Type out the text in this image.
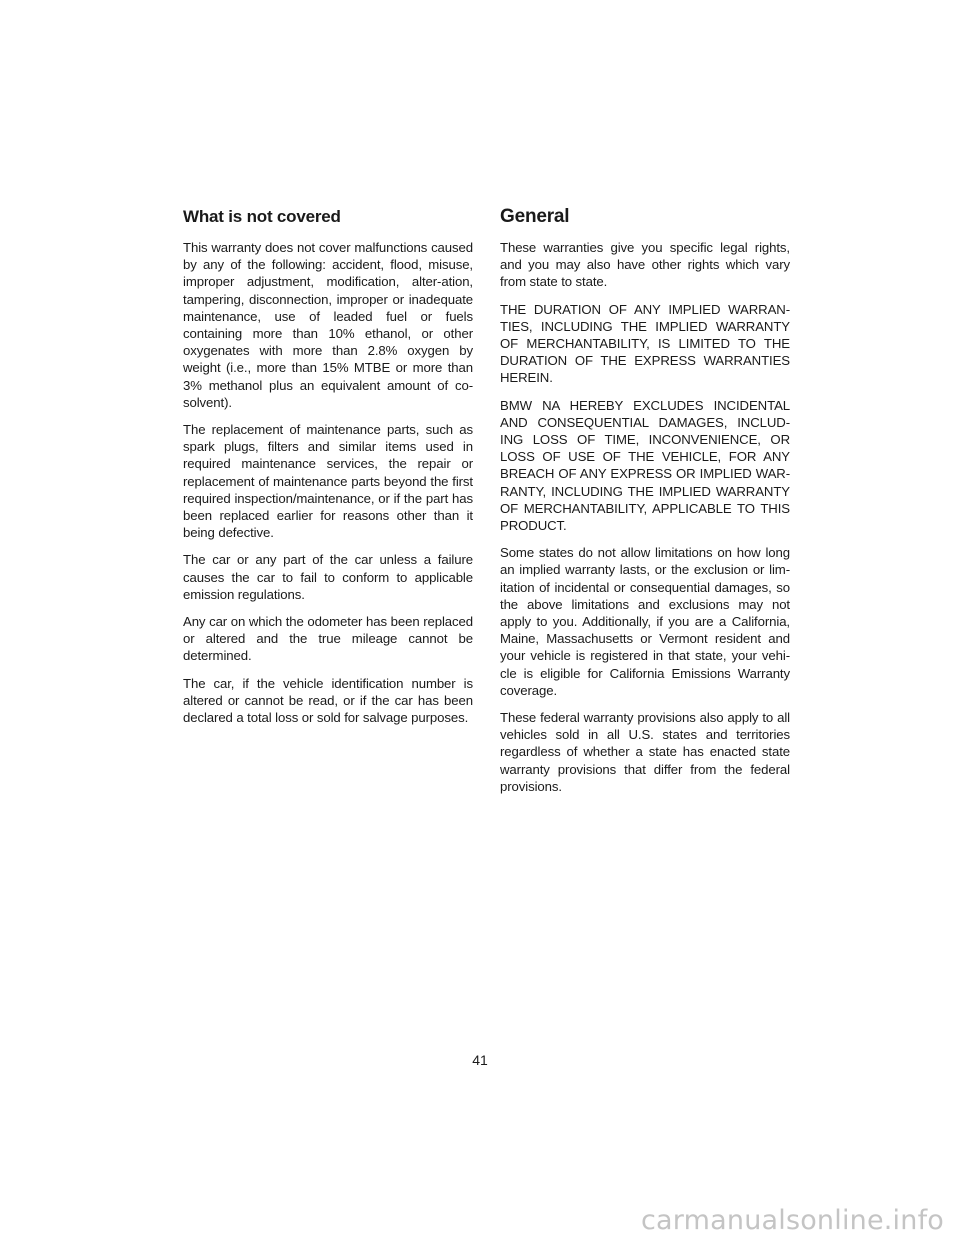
What is not covered

This warranty does not cover malfunctions caused by any of the following: accident, flood, misuse, improper adjustment, modification, alter-ation, tampering, disconnection, improper or inadequate maintenance, use of leaded fuel or fuels containing more than 10% ethanol, or other oxygenates with more than 2.8% oxygen by weight (i.e., more than 15% MTBE or more than 3% methanol plus an equivalent amount of co-solvent).

The replacement of maintenance parts, such as spark plugs, filters and similar items used in required maintenance services, the repair or replacement of maintenance parts beyond the first required inspection/maintenance, or if the part has been replaced earlier for reasons other than it being defective.

The car or any part of the car unless a failure causes the car to fail to conform to applicable emission regulations.

Any car on which the odometer has been replaced or altered and the true mileage cannot be determined.

The car, if the vehicle identification number is altered or cannot be read, or if the car has been declared a total loss or sold for salvage purposes.

General

These warranties give you specific legal rights, and you may also have other rights which vary from state to state.

THE DURATION OF ANY IMPLIED WARRAN-TIES, INCLUDING THE IMPLIED WARRANTY OF MERCHANTABILITY, IS LIMITED TO THE DURATION OF THE EXPRESS WARRANTIES HEREIN.

BMW NA HEREBY EXCLUDES INCIDENTAL AND CONSEQUENTIAL DAMAGES, INCLUD-ING LOSS OF TIME, INCONVENIENCE, OR LOSS OF USE OF THE VEHICLE, FOR ANY BREACH OF ANY EXPRESS OR IMPLIED WAR-RANTY, INCLUDING THE IMPLIED WARRANTY OF MERCHANTABILITY, APPLICABLE TO THIS PRODUCT.

Some states do not allow limitations on how long an implied warranty lasts, or the exclusion or lim-itation of incidental or consequential damages, so the above limitations and exclusions may not apply to you. Additionally, if you are a California, Maine, Massachusetts or Vermont resident and your vehicle is registered in that state, your vehi-cle is eligible for California Emissions Warranty coverage.

These federal warranty provisions also apply to all vehicles sold in all U.S. states and territories regardless of whether a state has enacted state warranty provisions that differ from the federal provisions.

41
carmanualsonline.info
